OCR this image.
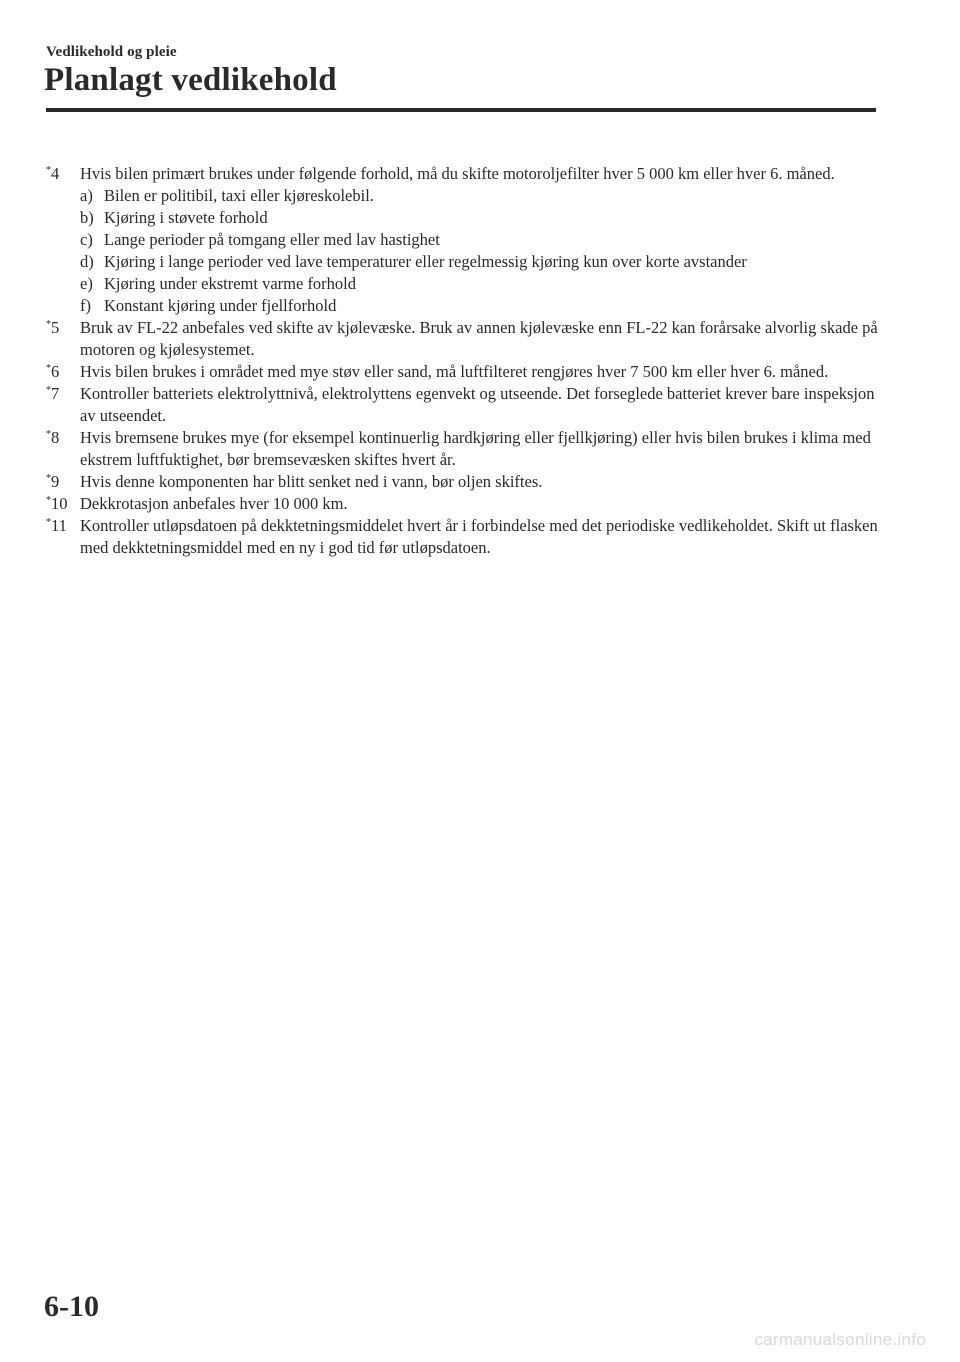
Vedlikehold og pleie
Planlagt vedlikehold
*4	Hvis bilen primært brukes under følgende forhold, må du skifte motoroljefilter hver 5 000 km eller hver 6. måned.
a) Bilen er politibil, taxi eller kjøreskolebil.
b) Kjøring i støvete forhold
c) Lange perioder på tomgang eller med lav hastighet
d) Kjøring i lange perioder ved lave temperaturer eller regelmessig kjøring kun over korte avstander
e) Kjøring under ekstremt varme forhold
f) Konstant kjøring under fjellforhold
*5	Bruk av FL-22 anbefales ved skifte av kjølevæske. Bruk av annen kjølevæske enn FL-22 kan forårsake alvorlig skade på motoren og kjølesystemet.
*6	Hvis bilen brukes i området med mye støv eller sand, må luftfilteret rengjøres hver 7 500 km eller hver 6. måned.
*7	Kontroller batteriets elektrolyttnivå, elektrolyttens egenvekt og utseende. Det forseglede batteriet krever bare inspeksjon av utseendet.
*8	Hvis bremsene brukes mye (for eksempel kontinuerlig hardkjøring eller fjellkjøring) eller hvis bilen brukes i klima med ekstrem luftfuktighet, bør bremsevæsken skiftes hvert år.
*9	Hvis denne komponenten har blitt senket ned i vann, bør oljen skiftes.
*10 Dekkrotasjon anbefales hver 10 000 km.
*11 Kontroller utløpsdatoen på dekktetningsmiddelet hvert år i forbindelse med det periodiske vedlikeholdet. Skift ut flasken med dekktetningsmiddel med en ny i god tid før utløpsdatoen.
6-10
carmanualsonline.info
